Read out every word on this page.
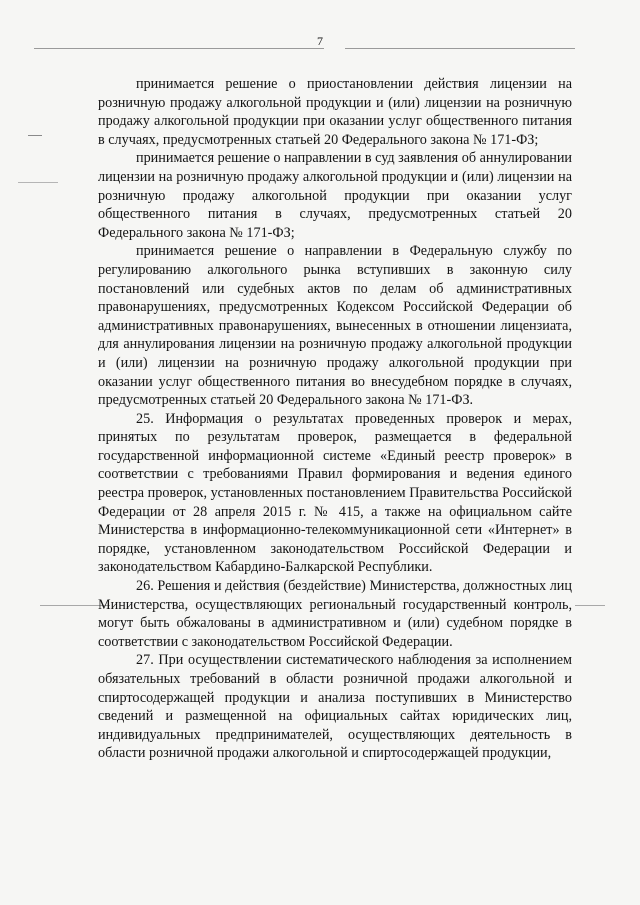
7

принимается решение о приостановлении действия лицензии на розничную продажу алкогольной продукции и (или) лицензии на розничную продажу алкогольной продукции при оказании услуг общественного питания в случаях, предусмотренных статьей 20 Федерального закона № 171-ФЗ;

принимается решение о направлении в суд заявления об аннулировании лицензии на розничную продажу алкогольной продукции и (или) лицензии на розничную продажу алкогольной продукции при оказании услуг общественного питания в случаях, предусмотренных статьей 20 Федерального закона № 171-ФЗ;

принимается решение о направлении в Федеральную службу по регулированию алкогольного рынка вступивших в законную силу постановлений или судебных актов по делам об административных правонарушениях, предусмотренных Кодексом Российской Федерации об административных правонарушениях, вынесенных в отношении лицензиата, для аннулирования лицензии на розничную продажу алкогольной продукции и (или) лицензии на розничную продажу алкогольной продукции при оказании услуг общественного питания во внесудебном порядке в случаях, предусмотренных статьей 20 Федерального закона № 171-ФЗ.

25. Информация о результатах проведенных проверок и мерах, принятых по результатам проверок, размещается в федеральной государственной информационной системе «Единый реестр проверок» в соответствии с требованиями Правил формирования и ведения единого реестра проверок, установленных постановлением Правительства Российской Федерации от 28 апреля 2015 г. № 415, а также на официальном сайте Министерства в информационно-телекоммуникационной сети «Интернет» в порядке, установленном законодательством Российской Федерации и законодательством Кабардино-Балкарской Республики.

26. Решения и действия (бездействие) Министерства, должностных лиц Министерства, осуществляющих региональный государственный контроль, могут быть обжалованы в административном и (или) судебном порядке в соответствии с законодательством Российской Федерации.

27. При осуществлении систематического наблюдения за исполнением обязательных требований в области розничной продажи алкогольной и спиртосодержащей продукции и анализа поступивших в Министерство сведений и размещенной на официальных сайтах юридических лиц, индивидуальных предпринимателей, осуществляющих деятельность в области розничной продажи алкогольной и спиртосодержащей продукции,
